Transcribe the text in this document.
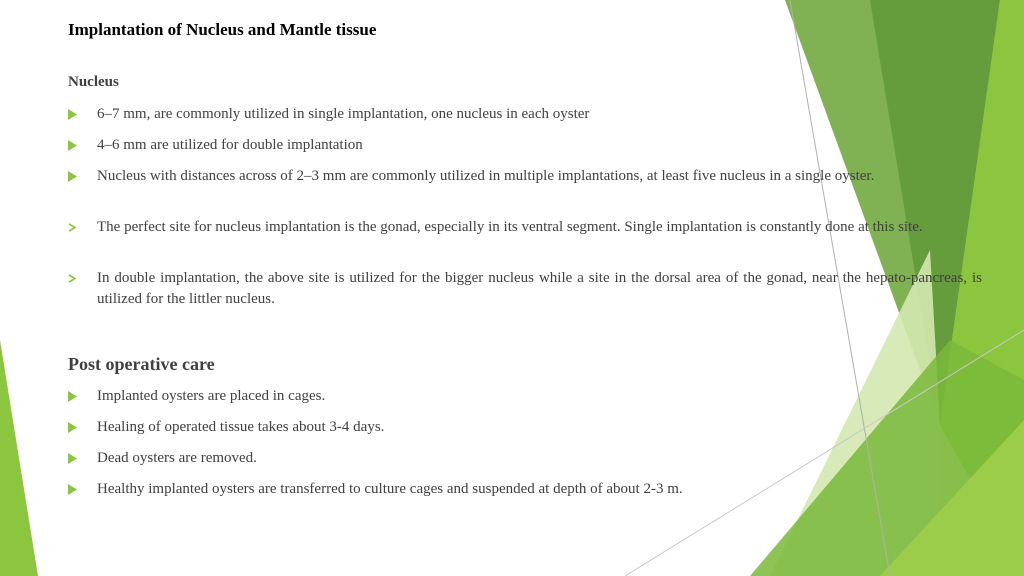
Implantation of Nucleus and Mantle tissue
Nucleus
6–7 mm, are commonly utilized in single implantation, one nucleus in each oyster
4–6 mm are utilized for double implantation
Nucleus with distances across of 2–3 mm are commonly utilized in multiple implantations, at least five nucleus in a single oyster.
The perfect site for nucleus implantation is the gonad, especially in its ventral segment. Single implantation is constantly done at this site.
In double implantation, the above site is utilized for the bigger nucleus while a site in the dorsal area of the gonad, near the hepato-pancreas, is utilized for the littler nucleus.
Post operative care
Implanted oysters are placed in cages.
Healing of operated tissue takes about 3-4 days.
Dead oysters are removed.
Healthy implanted oysters are transferred to culture cages and suspended at depth of about 2-3 m.
